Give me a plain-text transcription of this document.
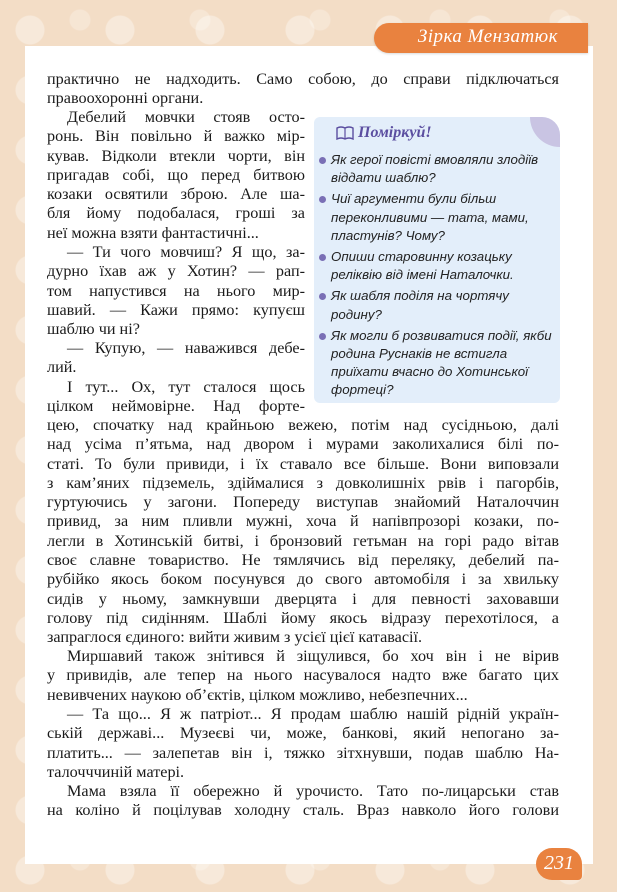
Зірка Мензатюк
практично не надходить. Само собою, до справи підключаться
правоохоронні органи.
Дебелий мовчки стояв осто-
ронь. Він повільно й важко мір-
кував. Відколи втекли чорти, він
пригадав собі, що перед битвою
козаки освятили зброю. Але ша-
бля йому подобалася, гроші за
неї можна взяти фантастичні...
— Ти чого мовчиш? Я що, за-
дурно їхав аж у Хотин? — рап-
том напустився на нього мир-
шавий. — Кажи прямо: купуєш
шаблю чи ні?
— Купую, — наважився дебе-
лий.
І тут... Ох, тут сталося щось
цілком неймовірне. Над форте-
цею, спочатку над крайньою вежею, потім над сусідньою, далі
над усіма п’ятьма, над двором і мурами заколихалися білі по-
статі. То були привиди, і їх ставало все більше. Вони виповзали
з кам’яних підземель, здіймалися з довколишніх рвів і пагорбів,
гуртуючись у загони. Попереду виступав знайомий Наталоччин
привид, за ним пливли мужні, хоча й напівпрозорі козаки, по-
легли в Хотинській битві, і бронзовий гетьман на горі радо вітав
своє славне товариство. Не тямлячись від переляку, дебелий па-
рубійко якось боком посунувся до свого автомобіля і за хвильку
сидів у ньому, замкнувши дверцята і для певності заховавши
голову під сидінням. Шаблі йому якось відразу перехотілося, а
запраглося єдиного: вийти живим з усієї цієї катавасії.
Миршавий також знітився й зіщулився, бо хоч він і не вірив
у привидів, але тепер на нього насувалося надто вже багато цих
невивчених наукою об’єктів, цілком можливо, небезпечних...
— Та що... Я ж патріот... Я продам шаблю нашій рідній україн-
ській державі... Музеєві чи, може, банкові, який непогано за-
платить... — залепетав він і, тяжко зітхнувши, подав шаблю На-
талочччиній матері.
Мама взяла її обережно й урочисто. Тато по-лицарськи став
на коліно й поцілував холодну сталь. Враз навколо його голови
Поміркуй!
Як герої повісті вмовляли злодіїв віддати шаблю?
Чиї аргументи були більш переконливими — тата, мами, пластунів? Чому?
Опиши старовинну козацьку реліквію від імені Наталочки.
Як шабля поділя на чортячу родину?
Як могли б розвиватися події, якби родина Руснаків не встигла приїхати вчасно до Хотинської фортеці?
231
